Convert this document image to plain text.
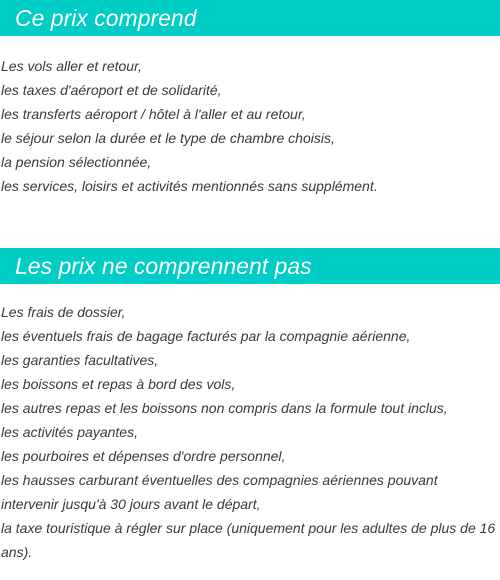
Ce prix comprend
Les vols aller et retour,
les taxes d'aéroport et de solidarité,
les transferts aéroport / hôtel à l'aller et au retour,
le séjour selon la durée et le type de chambre choisis,
la pension sélectionnée,
les services, loisirs et activités mentionnés sans supplément.
Les prix ne comprennent pas
Les frais de dossier,
les éventuels frais de bagage facturés par la compagnie aérienne,
les garanties facultatives,
les boissons et repas à bord des vols,
les autres repas et les boissons non compris dans la formule tout inclus,
les activités payantes,
les pourboires et dépenses d'ordre personnel,
les hausses carburant éventuelles des compagnies aériennes pouvant intervenir jusqu'à 30 jours avant le départ,
la taxe touristique à régler sur place (uniquement pour les adultes de plus de 16 ans).
